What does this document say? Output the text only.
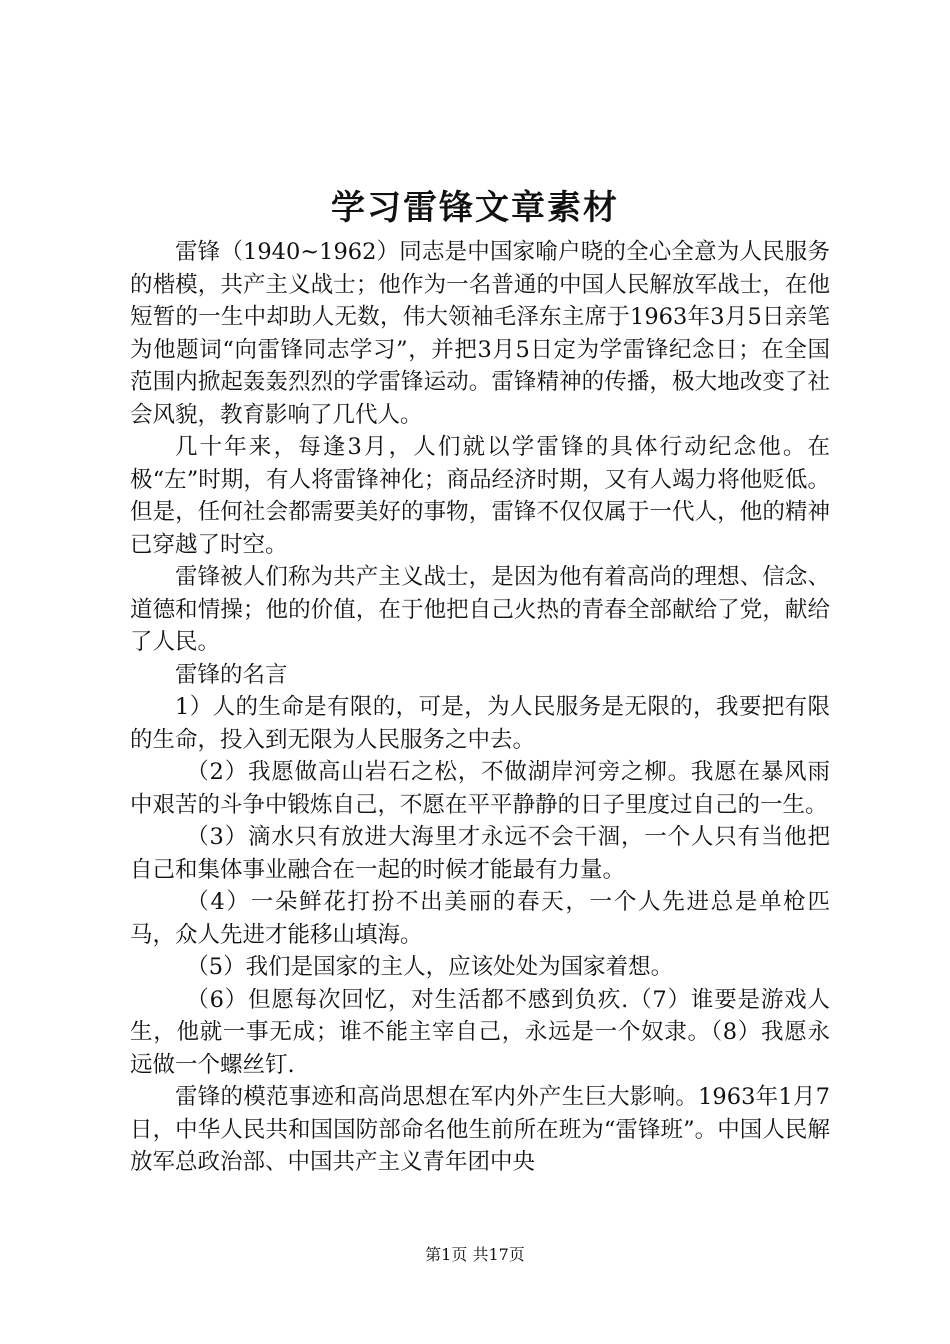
学习雷锋文章素材

雷锋（1940~1962）同志是中国家喻户晓的全心全意为人民服务的楷模，共产主义战士；他作为一名普通的中国人民解放军战士，在他短暂的一生中却助人无数，伟大领袖毛泽东主席于1963年3月5日亲笔为他题词“向雷锋同志学习”，并把3月5日定为学雷锋纪念日；在全国范围内掀起轰轰烈烈的学雷锋运动。雷锋精神的传播，极大地改变了社会风貌，教育影响了几代人。

几十年来，每逢3月，人们就以学雷锋的具体行动纪念他。在极“左”时期，有人将雷锋神化；商品经济时期，又有人竭力将他贬低。但是，任何社会都需要美好的事物，雷锋不仅仅属于一代人，他的精神已穿越了时空。

雷锋被人们称为共产主义战士，是因为他有着高尚的理想、信念、道德和情操；他的价值，在于他把自己火热的青春全部献给了党，献给了人民。

雷锋的名言

1）人的生命是有限的，可是，为人民服务是无限的，我要把有限的生命，投入到无限为人民服务之中去。

（2）我愿做高山岩石之松，不做湖岸河旁之柳。我愿在暴风雨中艰苦的斗争中锻炼自己，不愿在平平静静的日子里度过自己的一生。

（3）滴水只有放进大海里才永远不会干涸，一个人只有当他把自己和集体事业融合在一起的时候才能最有力量。

（4）一朵鲜花打扮不出美丽的春天，一个人先进总是单枪匹马，众人先进才能移山填海。

（5）我们是国家的主人，应该处处为国家着想。

（6）但愿每次回忆，对生活都不感到负疚.（7）谁要是游戏人生，他就一事无成；谁不能主宰自己，永远是一个奴隶。（8）我愿永远做一个螺丝钉.

雷锋的模范事迹和高尚思想在军内外产生巨大影响。1963年1月7日，中华人民共和国国防部命名他生前所在班为“雷锋班”。中国人民解放军总政治部、中国共产主义青年团中央

第1页 共17页
